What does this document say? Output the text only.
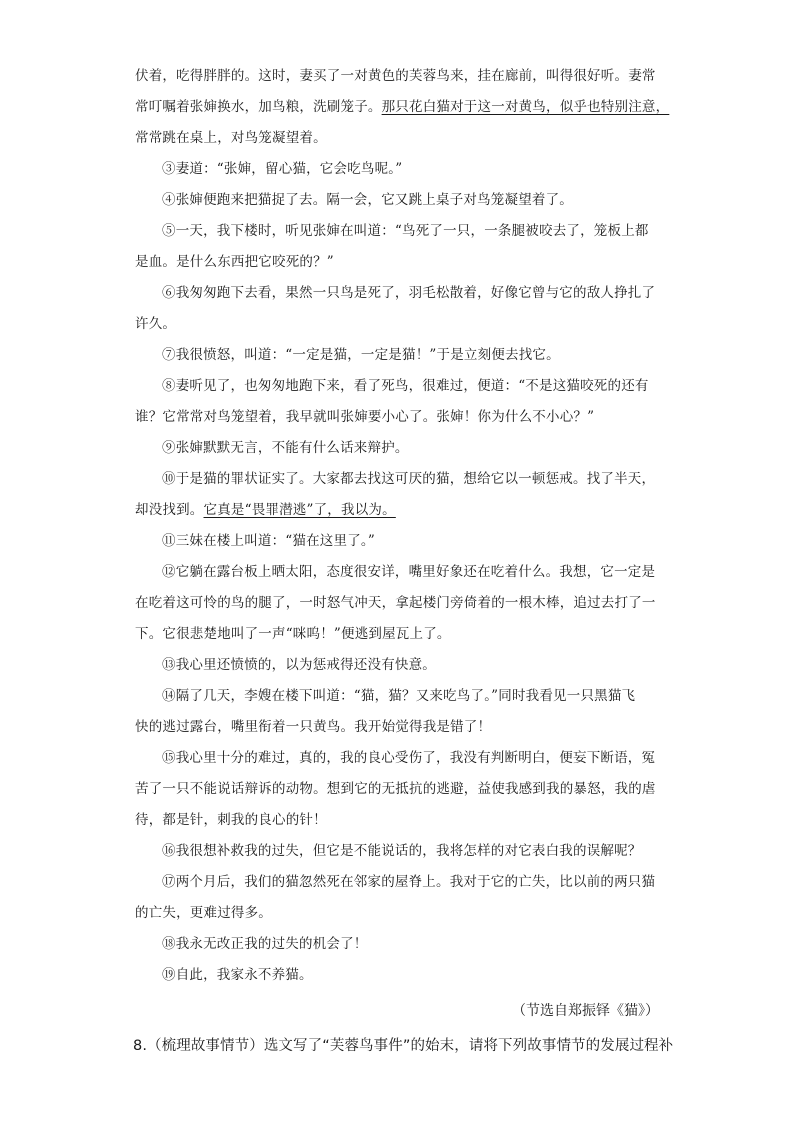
伏着，吃得胖胖的。这时，妻买了一对黄色的芙蓉鸟来，挂在廊前，叫得很好听。妻常
常叮嘱着张婶换水，加鸟粮，洗刷笼子。那只花白猫对于这一对黄鸟，似乎也特别注意，
常常跳在桌上，对鸟笼凝望着。
③妻道：“张婶，留心猫，它会吃鸟呢。”
④张婶便跑来把猫捉了去。隔一会，它又跳上桌子对鸟笼凝望着了。
⑤一天，我下楼时，听见张婶在叫道：“鸟死了一只，一条腿被咬去了，笼板上都
是血。是什么东西把它咬死的？”
⑥我匆匆跑下去看，果然一只鸟是死了，羽毛松散着，好像它曾与它的敌人挣扎了
许久。
⑦我很愤怒，叫道：“一定是猫，一定是猫！”于是立刻便去找它。
⑧妻听见了，也匆匆地跑下来，看了死鸟，很难过，便道：“不是这猫咬死的还有
谁？它常常对鸟笼望着，我早就叫张婶要小心了。张婶！你为什么不小心？”
⑨张婶默默无言，不能有什么话来辩护。
⑩于是猫的罪状证实了。大家都去找这可厌的猫，想给它以一顿惩戒。找了半天，
却没找到。它真是“畏罪潜逃”了，我以为。
⑪三妹在楼上叫道：“猫在这里了。”
⑫它躺在露台板上晒太阳，态度很安详，嘴里好象还在吃着什么。我想，它一定是
在吃着这可怜的鸟的腿了，一时怒气冲天，拿起楼门旁倚着的一根木棒，追过去打了一
下。它很悲楚地叫了一声“咪呜！”便逃到屋瓦上了。
⑬我心里还愤愤的，以为惩戒得还没有快意。
⑭隔了几天，李嫂在楼下叫道：“猫，猫？又来吃鸟了。”同时我看见一只黑猫飞
快的逃过露台，嘴里衔着一只黄鸟。我开始觉得我是错了！
⑮我心里十分的难过，真的，我的良心受伤了，我没有判断明白，便妄下断语，冤
苦了一只不能说话辩诉的动物。想到它的无抵抗的逃避，益使我感到我的暴怒，我的虐
待，都是针，刺我的良心的针！
⑯我很想补救我的过失，但它是不能说话的，我将怎样的对它表白我的误解呢？
⑰两个月后，我们的猫忽然死在邻家的屋脊上。我对于它的亡失，比以前的两只猫
的亡失，更难过得多。
⑱我永无改正我的过失的机会了！
⑲自此，我家永不养猫。
（节选自郑振铎《猫》）
8.（梳理故事情节）选文写了“芙蓉鸟事件”的始末，请将下列故事情节的发展过程补
